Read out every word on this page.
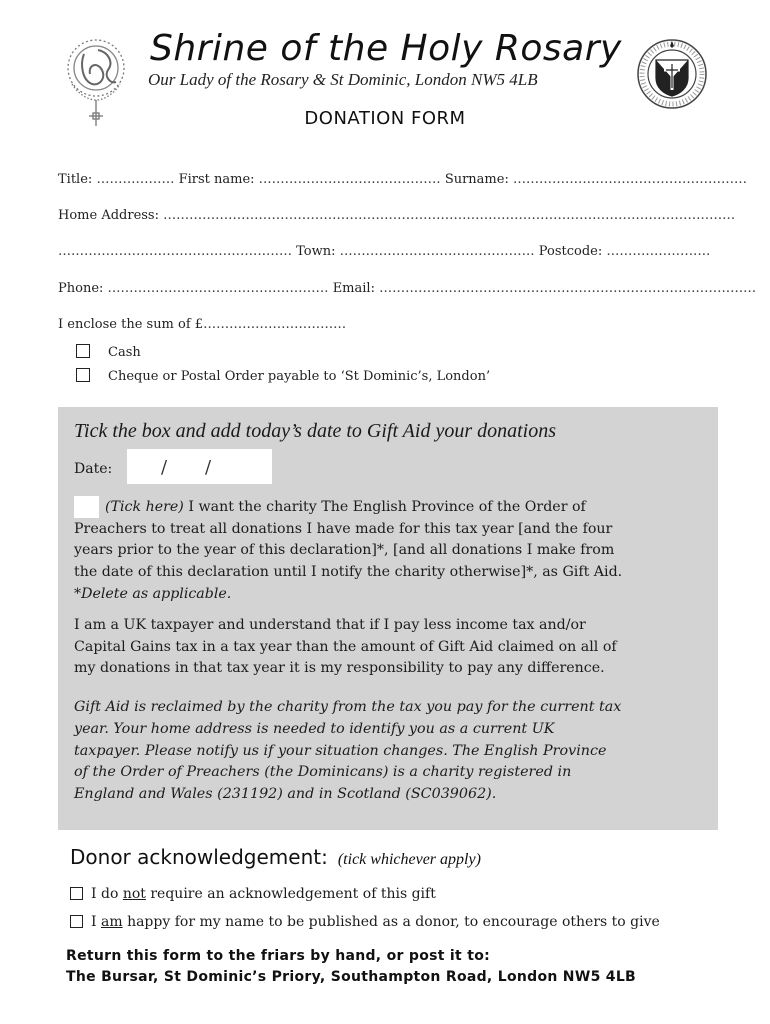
Shrine of the Holy Rosary
Our Lady of the Rosary & St Dominic, London NW5 4LB
DONATION FORM
Title: ……………… First name: …………………………………… Surname: ………………………………………………
Home Address: ……………………………………………………………………………………………………………………
……………………………………………… Town: ……………………………………… Postcode: ……………………
Phone: …………………………………………… Email: ……………………………………………………………………………
I enclose the sum of £……………………………
Cash
Cheque or Postal Order payable to ‘St Dominic’s, London’
Tick the box and add today’s date to Gift Aid your donations
Date:	/ /
(Tick here) I want the charity The English Province of the Order of
Preachers to treat all donations I have made for this tax year [and the four
years prior to the year of this declaration]*, [and all donations I make from
the date of this declaration until I notify the charity otherwise]*, as Gift Aid.
*Delete as applicable.
I am a UK taxpayer and understand that if I pay less income tax and/or
Capital Gains tax in a tax year than the amount of Gift Aid claimed on all of
my donations in that tax year it is my responsibility to pay any difference.
Gift Aid is reclaimed by the charity from the tax you pay for the current tax
year. Your home address is needed to identify you as a current UK
taxpayer. Please notify us if your situation changes. The English Province
of the Order of Preachers (the Dominicans) is a charity registered in
England and Wales (231192) and in Scotland (SC039062).
Donor acknowledgement: (tick whichever apply)
I do not require an acknowledgement of this gift
I am happy for my name to be published as a donor, to encourage others to give
Return this form to the friars by hand, or post it to:
The Bursar, St Dominic’s Priory, Southampton Road, London NW5 4LB
